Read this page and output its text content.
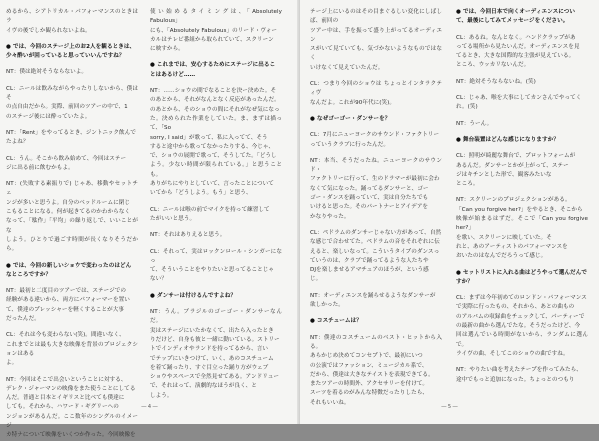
めるから、シアトリカル・パフォーマンスのときはラ
イヴの後でしか観られないよね。

● では、今回のステージ上のお2人を観るときは、
少々酔いが回っていると思っていいんですね？

NT：僕は絶対そうならないよ。

CL：ニールは飲みながらやったりしないから、僕はそ
の点自由だから。実際、前回のツアーの中で、1
のステージ後には酔っていたよ。

NT：「Rent」をやってるとき、ジントニック飲んで
たよね？

CL：うん。そこから飲み始めて、今回はステー
ジに出る前に飲むかもよ。

NT：(失敗する素振りで) じゃあ、移動やセットチェ
ンジが多いと思うよ。自分のベッドルームに閉じ
こもることになる。何が起きてるのかわからなく
なって、「駄作」「平均」の繰り返しで、いいことがな
しよう。ひとりで過ごす時間が長くなりそうだから。

● では、今回の新しいショウで変わったのはどん
なところですか？

NT：最初と二度目のツアーでは、ステージでの
経験がある違いから、両方にパフォーマーを置い
て、僕達のプレッシャーを軽くすることが大事
だったんだ。

CL：それは今も変わらない(笑)。間違いなく、
これまでとは最も大きな映像を背景のプロジェクションはある
よ。

NT：今回はそこで出会いということに対する、
デレク・ジャーマンの映像をまた使うことにしてる
んだ。普通と目本とイギリスと比べても僕達に
しても。それから、ハワード・ギグリーへの
ンジョンがあるんだ。ここ数年のシングルのイメージ
カ特ナについて映像をいくつか作った。今回映像を

使い始めるタイミングは、「Absolutely Fabulous」
にも、「Absolutely Fabulous」のリード・ヴォー
カルはテレビ番組から取られていて、スクリーン
に映すから。

● これまでは、安心するためにステージに出るこ
とはあるけど……

NT：……ショウの間でなることを決ー決めた。そ
のあとから、それがなんとなく反応があったんだ。
のあとから、そのショウの間にそれがなぜ気になっ
た。決められた作業をしていた。ま、まずは描って、「So
sorry, I said」が歌って、私に入ってて、そう
すると途中から歌ってなかったりする、今じゃ、
で、ショウの展開で歌って、そうしてた。「どうし
よう。少ない時間が限られている。」と思うことも。
ありがちにやりとしていて、言ったことについて
いてから「どうしよう。もう」と思う、

CL：ニールは喉の前でマイクを持って練習して
たがいいと思う。

NT：それはありえると思う。

CL：それって、実はロックンロール・シンガーになっ
て、そういうことをやりたいと思ってることじゃ
ない？

● ダンサーは付けるんですよね？

NT：うん。ブラジルのゴーゴー・ダンサーなんだ。
実はステージにいたかなくて、出たら入ったとき
りだけど、自身も彼と一緒に動いている。ストリー
トでインディオやランドを持ってるから、言い
でテップにいきつけて、いく、あのコスチューム
を着て踊ったり、すぐ目立った踊り方がウェブ
ショウやスペースで全然見せてある。アンドリュー
で、それはって、演劇的なほうが良く、と
しよう。

― 4 ―

テージ上にいるのはその目まぐるしい変化にしばしば、前回の
ツアー中は、手を振って盛り上がってるオーディエン
スがいて見ていても、気づかないようなものではなく
いけなくて見えていたんだ。

CL：つまり今回のショウは ちょっとインタラクティヴ
なんだよ。これが90年代に(笑)。

● なぜゴーゴー・ダンサーを？

CL：7月にニューヨークのサウンド・ファクトリー
っていうクラブに行ったんだ。

NT：本当、そうだったね。ニューヨークのサウンド・
ファクトリーに行って、生のドラマーが最初に会わ
なくて気になった。踊ってるダンサーと、ゴー
ゴー・ダンスを踊っていて、実は自分たちでも
いけると思った。そのパートナーとアイデアを
かなりやった。

CL：ペドラムのダンサーじゃない方があって、自然
な感じで合わせてた。ペドラムの音をそれぞれに伝
えると、楽しいなって。こういうタイプのダンスっ
ていうのは、クラブで踊ってるような人たちや
DJを楽しませるアマチュアのほうが、という感
じ。

NT：オーディエンスを踊らせるようなダンサーが
欲しかった。

● コスチュームは？

NT：僕達のコスチュームのベスト・ヒットから入る。
あらかじめ決めてコンセプトで、最初にいつ
の公演ではファッション、ミュージカル系で、
だから、僕達は大きなテイストを表現できてる。
またツアーの時間外、アクセサリーを付けて。
スーツを着るのがみんな特徴だったりしたら、
それもいいね。

● では、今回日本で向くオーディエンスについ
て、最後にしてみてメッセージをください。

CL：あるね。なんとなく。ハンドクラップがあ
ってる場所から見たいんだ。オーディエンスを見
てるとき、大きな国際的な主張が見えている。
ところ、ウッカリないんだ。

NT：絶対そうならないね。(笑)

CL：じゃあ、喉を大事にしてカンさんでやってく
れ。(笑)

NT：うーん。

● 舞台装置はどんな感じになりますか？

CL：照明が綺麗な舞台で、プロットフォームが
あるんだ。ダンサーとかが上がって、ステー
ジはキチンとした形で、観客みたいな
ところ。

NT：スクリーンのプロジェクションがある。
「Can you forgive her?」をやるとき、そこから
映像が始まるはずだ。そこで「Can you forgive her?」
を歌い、スクリーンに映していた。そ
れと、あのアーティストのパフォーマンスを
おいたのはなんでだろうって感じ。

● セットリストに入れる曲はどうやって選んだんで
すか？

CL：まずは今年初めてのロンドン・パフォーマンス
で実際に行ったもの、それから、あとの曲もの
のアルバムの収録曲をチェックして、パーティーで
の最新の曲から選んでたな。そうだったけど、今
回は選んでいる時間がないから、ランダムに選んで。
ライヴの曲、そしてこのショウの曲ですね。

NT：やりたい曲を考えたテープを作ってみたら、
途中でもっと追加になった。ちょっとのつもり

― 5 ―
